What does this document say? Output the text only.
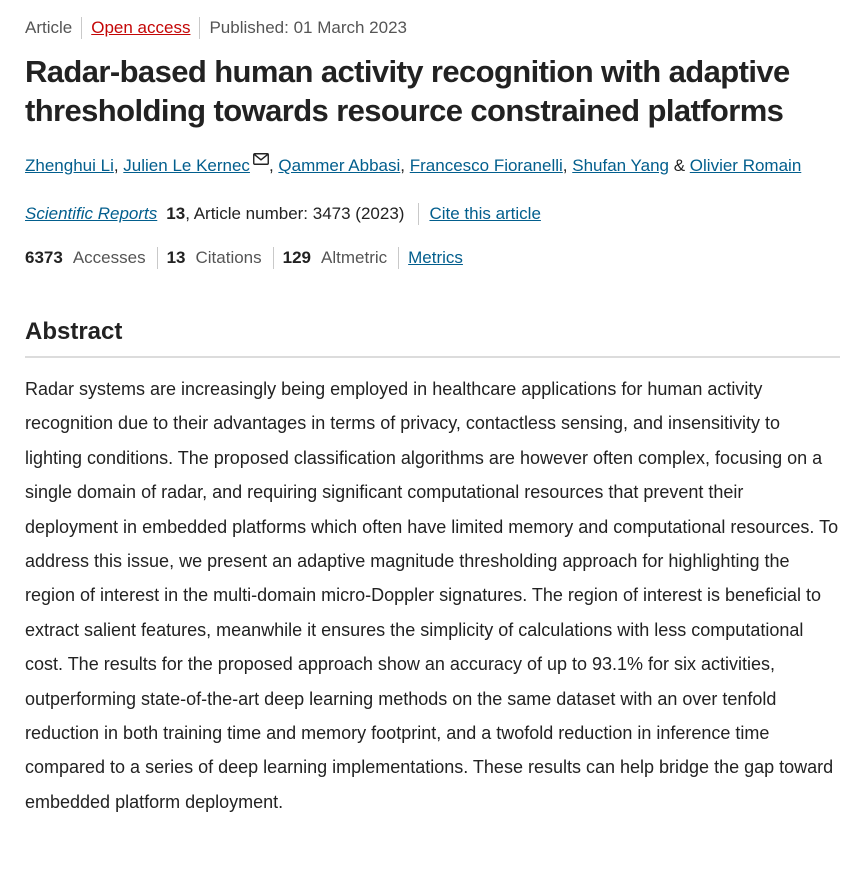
Article Open access Published: 01 March 2023
Radar-based human activity recognition with adaptive thresholding towards resource constrained platforms
Zhenghui Li, Julien Le Kernec , Qammer Abbasi, Francesco Fioranelli, Shufan Yang & Olivier Romain
Scientific Reports 13 , Article number: 3473 (2023) Cite this article
6373 Accesses 13 Citations 129 Altmetric Metrics
Abstract

Radar systems are increasingly being employed in healthcare applications for human activity recognition due to their advantages in terms of privacy, contactless sensing, and insensitivity to lighting conditions. The proposed classification algorithms are however often complex, focusing on a single domain of radar, and requiring significant computational resources that prevent their deployment in embedded platforms which often have limited memory and computational resources. To address this issue, we present an adaptive magnitude thresholding approach for highlighting the region of interest in the multi-domain micro-Doppler signatures. The region of interest is beneficial to extract salient features, meanwhile it ensures the simplicity of calculations with less computational cost. The results for the proposed approach show an accuracy of up to 93.1% for six activities, outperforming state-of-the-art deep learning methods on the same dataset with an over tenfold reduction in both training time and memory footprint, and a twofold reduction in inference time compared to a series of deep learning implementations. These results can help bridge the gap toward embedded platform deployment.
